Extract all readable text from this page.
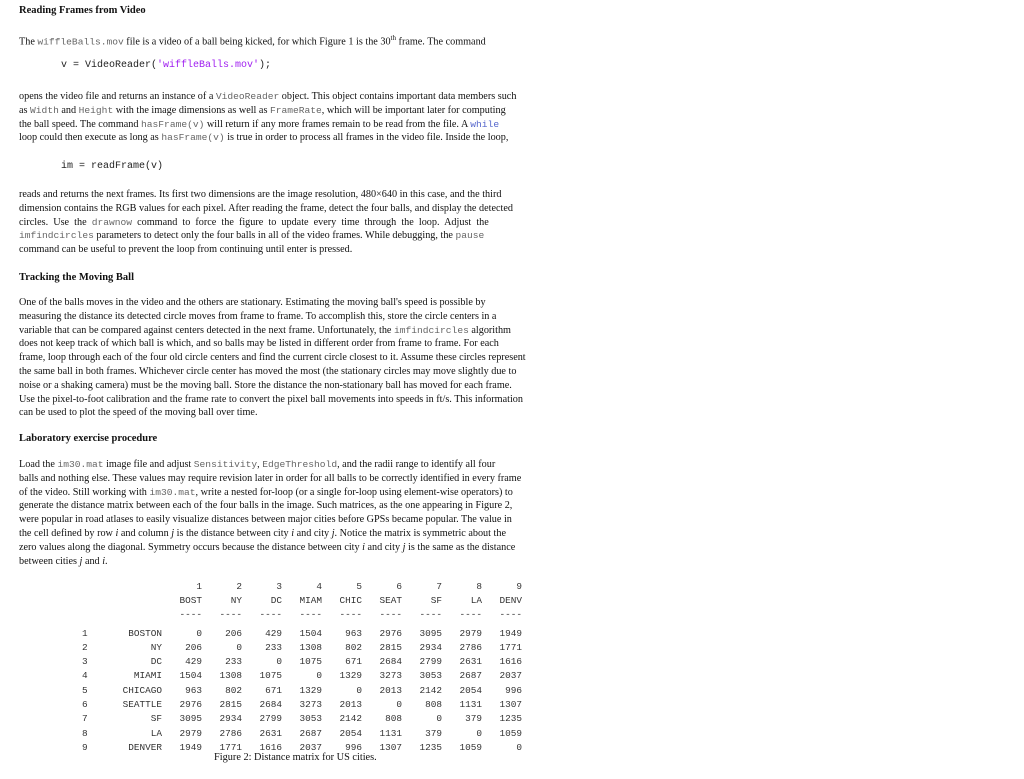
Reading Frames from Video

The wiffleBalls.mov file is a video of a ball being kicked, for which Figure 1 is the 30th frame. The command

v = VideoReader('wiffleBalls.mov');

opens the video file and returns an instance of a VideoReader object. This object contains important data members such

as Width and Height with the image dimensions as well as FrameRate, which will be important later for computing

the ball speed. The command hasFrame(v) will return if any more frames remain to be read from the file. A while

loop could then execute as long as hasFrame(v) is true in order to process all frames in the video file. Inside the loop,

im = readFrame(v)

reads and returns the next frames. Its first two dimensions are the image resolution, 480×640 in this case, and the third

dimension contains the RGB values for each pixel. After reading the frame, detect the four balls, and display the detected

circles.  Use  the  drawnow  command  to  force  the  figure  to  update  every  time  through  the  loop.  Adjust  the

imfindcircles parameters to detect only the four balls in all of the video frames. While debugging, the pause

command can be useful to prevent the loop from continuing until enter is pressed.

Tracking the Moving Ball

One of the balls moves in the video and the others are stationary. Estimating the moving ball's speed is possible by

measuring the distance its detected circle moves from frame to frame. To accomplish this, store the circle centers in a

variable that can be compared against centers detected in the next frame. Unfortunately, the imfindcircles algorithm

does not keep track of which ball is which, and so balls may be listed in different order from frame to frame. For each

frame, loop through each of the four old circle centers and find the current circle closest to it. Assume these circles represent

the same ball in both frames. Whichever circle center has moved the most (the stationary circles may move slightly due to

noise or a shaking camera) must be the moving ball. Store the distance the non-stationary ball has moved for each frame.

Use the pixel-to-foot calibration and the frame rate to convert the pixel ball movements into speeds in ft/s. This information

can be used to plot the speed of the moving ball over time.

Laboratory exercise procedure

Load the im30.mat image file and adjust Sensitivity, EdgeThreshold, and the radii range to identify all four

balls and nothing else. These values may require revision later in order for all balls to be correctly identified in every frame

of the video. Still working with im30.mat, write a nested for-loop (or a single for-loop using element-wise operators) to

generate the distance matrix between each of the four balls in the image. Such matrices, as the one appearing in Figure 2,

were popular in road atlases to easily visualize distances between major cities before GPSs became popular. The value in

the cell defined by row i and column j is the distance between city i and city j. Notice the matrix is symmetric about the

zero values along the diagonal. Symmetry occurs because the distance between city i and city j is the same as the distance

between cities j and i.

		1	2	3	4	5	6	7	8	9
		BOST	NY	DC	MIAM	CHIC	SEAT	SF	LA	DENV
		----	----	----	----	----	----	----	----	----

1	BOSTON	0	206	429	1504	963	2976	3095	2979	1949
2	NY	206	0	233	1308	802	2815	2934	2786	1771
3	DC	429	233	0	1075	671	2684	2799	2631	1616
4	MIAMI	1504	1308	1075	0	1329	3273	3053	2687	2037
5	CHICAGO	963	802	671	1329	0	2013	2142	2054	996
6	SEATTLE	2976	2815	2684	3273	2013	0	808	1131	1307
7	SF	3095	2934	2799	3053	2142	808	0	379	1235
8	LA	2979	2786	2631	2687	2054	1131	379	0	1059
9	DENVER	1949	1771	1616	2037	996	1307	1235	1059	0
Figure 2: Distance matrix for US cities.
